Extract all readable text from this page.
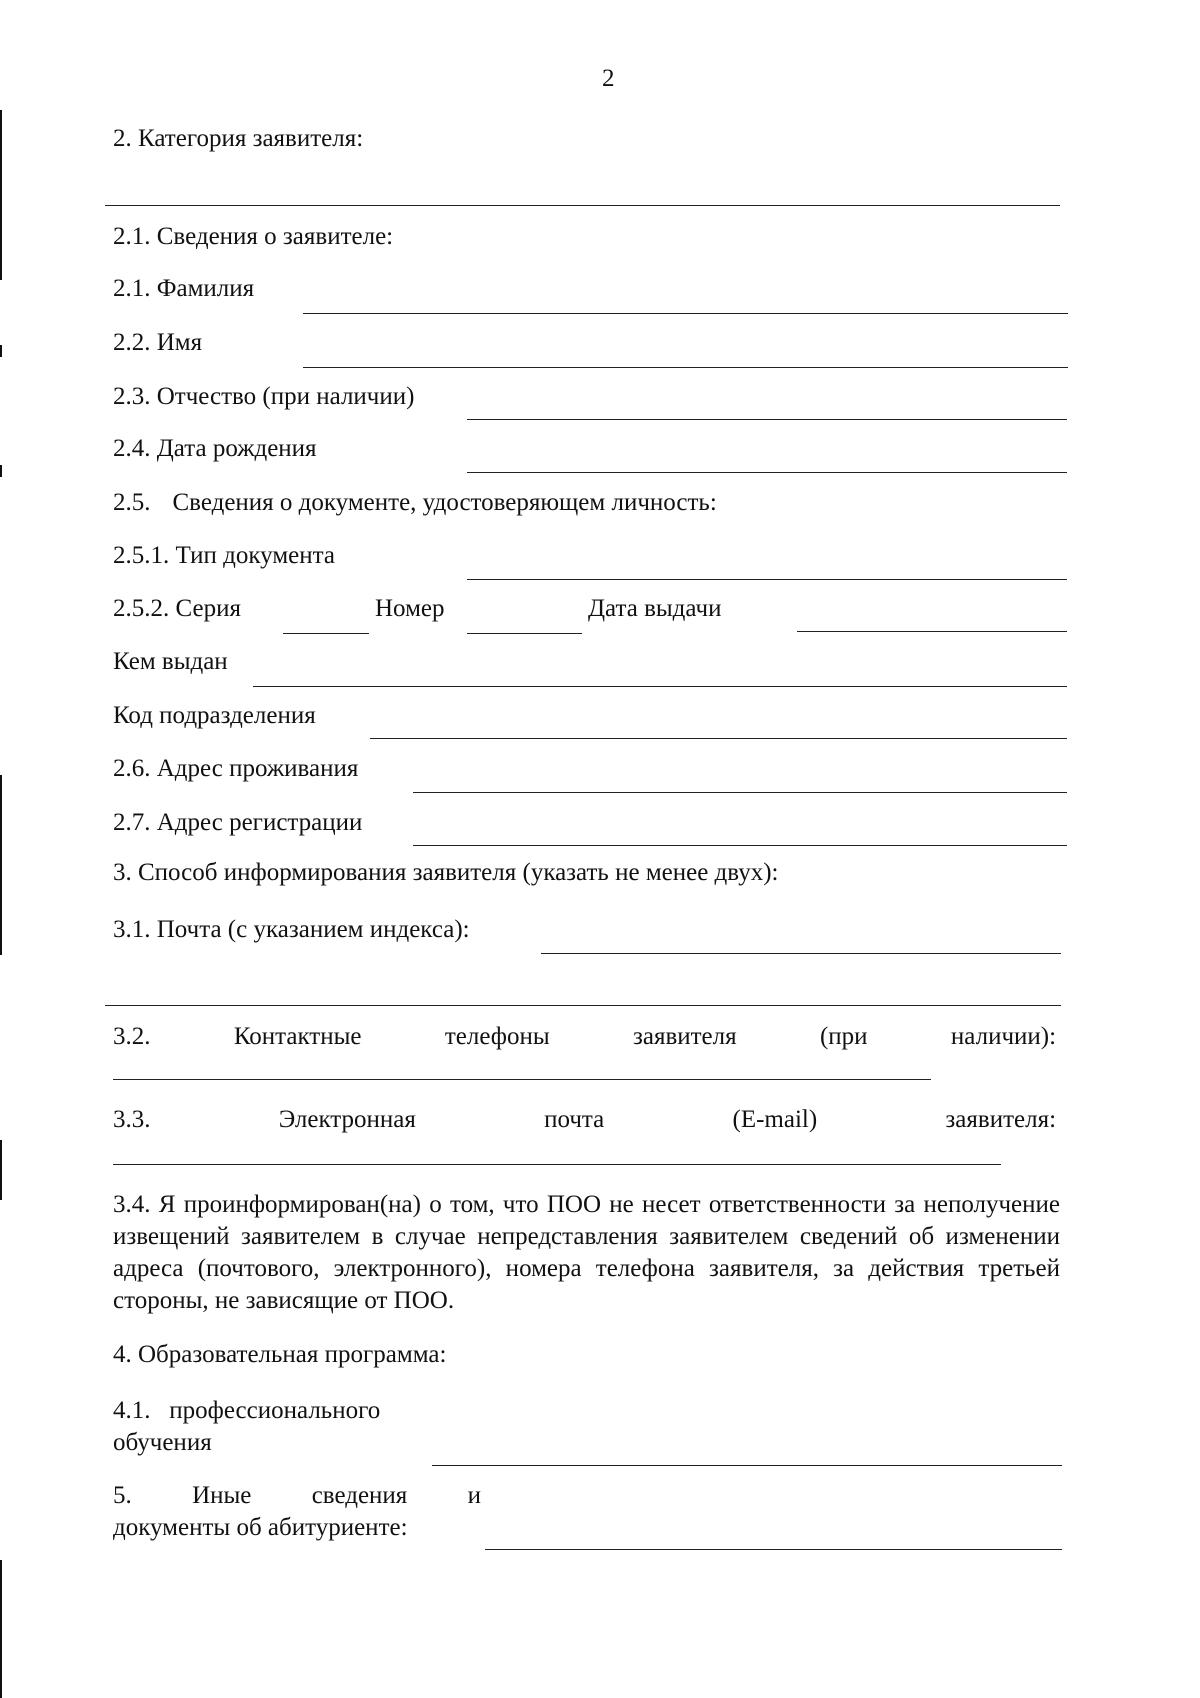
2
2. Категория заявителя:
2.1. Сведения о заявителе:
2.1. Фамилия
2.2. Имя
2.3. Отчество (при наличии)
2.4. Дата рождения
2.5. Сведения о документе, удостоверяющем личность:
2.5.1. Тип документа
2.5.2. Серия	Номер	Дата выдачи
Кем выдан
Код подразделения
2.6. Адрес проживания
2.7. Адрес регистрации
3. Способ информирования заявителя (указать не менее двух):
3.1. Почта (с указанием индекса):
3.2.	Контактные	телефоны	заявителя	(при	наличии):
3.3.	Электронная	почта	(E-mail)	заявителя:
3.4. Я проинформирован(на) о том, что ПОО не несет ответственности за неполучение извещений заявителем в случае непредставления заявителем сведений об изменении адреса (почтового, электронного), номера телефона заявителя, за действия третьей стороны, не зависящие от ПОО.
4. Образовательная программа:
4.1.   профессионального
обучения
5. Иные сведения и
документы об абитуриенте:
